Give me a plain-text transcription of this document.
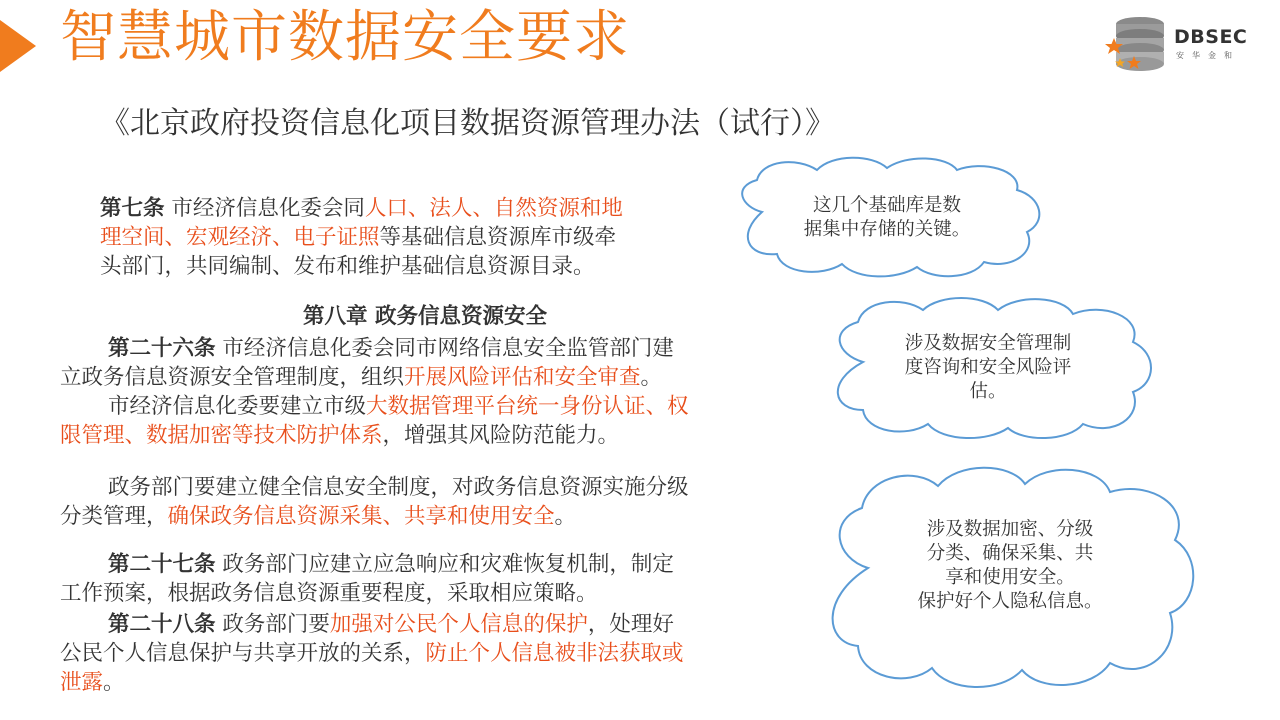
智慧城市数据安全要求	DBSEC
安华金和
《北京政府投资信息化项目数据资源管理办法（试行）》
第七条 市经济信息化委会同人口、法人、自然资源和地
理空间、宏观经济、电子证照等基础信息资源库市级牵
头部门，共同编制、发布和维护基础信息资源目录。
第八章 政务信息资源安全
第二十六条 市经济信息化委会同市网络信息安全监管部门建
立政务信息资源安全管理制度，组织开展风险评估和安全审查。
市经济信息化委要建立市级大数据管理平台统一身份认证、权
限管理、数据加密等技术防护体系，增强其风险防范能力。
政务部门要建立健全信息安全制度，对政务信息资源实施分级
分类管理，确保政务信息资源采集、共享和使用安全。
第二十七条 政务部门应建立应急响应和灾难恢复机制，制定
工作预案，根据政务信息资源重要程度，采取相应策略。
第二十八条 政务部门要加强对公民个人信息的保护，处理好
公民个人信息保护与共享开放的关系，防止个人信息被非法获取或
泄露。
这几个基础库是数
据集中存储的关键。
涉及数据安全管理制
度咨询和安全风险评
估。
涉及数据加密、分级
分类、确保采集、共
享和使用安全。
保护好个人隐私信息。
